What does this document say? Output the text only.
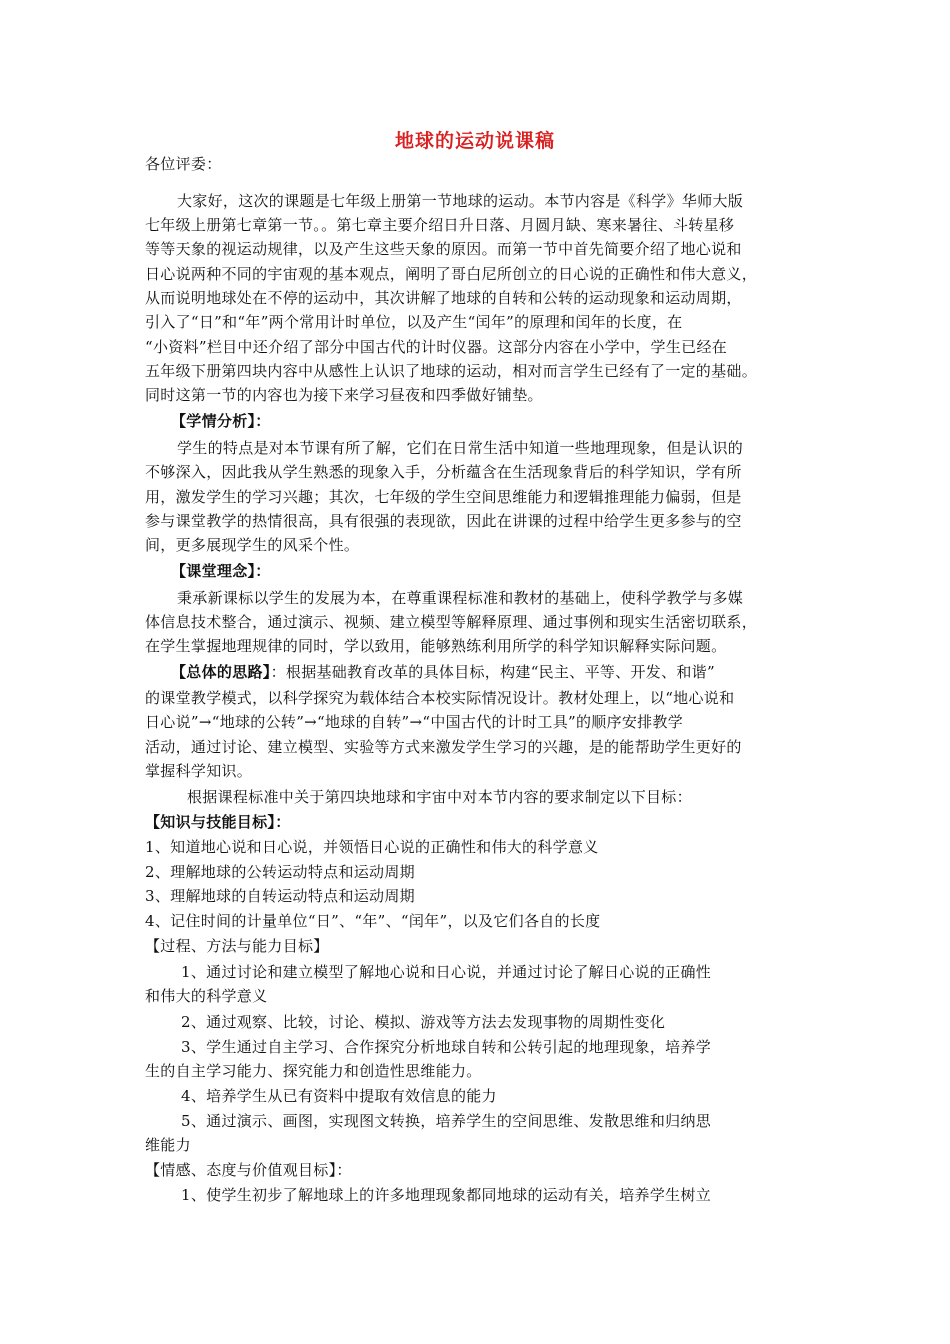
地球的运动说课稿
各位评委：
大家好，这次的课题是七年级上册第一节地球的运动。本节内容是《科学》华师大版
七年级上册第七章第一节。。第七章主要介绍日升日落、月圆月缺、寒来暑往、斗转星移
等等天象的视运动规律，以及产生这些天象的原因。而第一节中首先简要介绍了地心说和
日心说两种不同的宇宙观的基本观点，阐明了哥白尼所创立的日心说的正确性和伟大意义，
从而说明地球处在不停的运动中，其次讲解了地球的自转和公转的运动现象和运动周期，
引入了“日”和“年”两个常用计时单位，以及产生“闰年”的原理和闰年的长度，在
“小资料”栏目中还介绍了部分中国古代的计时仪器。这部分内容在小学中，学生已经在
五年级下册第四块内容中从感性上认识了地球的运动，相对而言学生已经有了一定的基础。
同时这第一节的内容也为接下来学习昼夜和四季做好铺垫。
【学情分析】：
学生的特点是对本节课有所了解，它们在日常生活中知道一些地理现象，但是认识的
不够深入，因此我从学生熟悉的现象入手，分析蕴含在生活现象背后的科学知识，学有所
用，激发学生的学习兴趣；其次，七年级的学生空间思维能力和逻辑推理能力偏弱，但是
参与课堂教学的热情很高，具有很强的表现欲，因此在讲课的过程中给学生更多参与的空
间，更多展现学生的风采个性。
【课堂理念】：
秉承新课标以学生的发展为本，在尊重课程标准和教材的基础上，使科学教学与多媒
体信息技术整合，通过演示、视频、建立模型等解释原理、通过事例和现实生活密切联系，
在学生掌握地理规律的同时，学以致用，能够熟练利用所学的科学知识解释实际问题。
【总体的思路】：根据基础教育改革的具体目标，构建“民主、平等、开发、和谐”
的课堂教学模式，以科学探究为载体结合本校实际情况设计。教材处理上，以“地心说和
日心说”→“地球的公转”→“地球的自转”→“中国古代的计时工具”的顺序安排教学
活动，通过讨论、建立模型、实验等方式来激发学生学习的兴趣，是的能帮助学生更好的
掌握科学知识。
根据课程标准中关于第四块地球和宇宙中对本节内容的要求制定以下目标：
【知识与技能目标】：
1、知道地心说和日心说，并领悟日心说的正确性和伟大的科学意义
2、理解地球的公转运动特点和运动周期
3、理解地球的自转运动特点和运动周期
4、记住时间的计量单位“日”、“年”、“闰年”，以及它们各自的长度
【过程、方法与能力目标】
1、通过讨论和建立模型了解地心说和日心说，并通过讨论了解日心说的正确性
和伟大的科学意义
2、通过观察、比较，讨论、模拟、游戏等方法去发现事物的周期性变化
3、学生通过自主学习、合作探究分析地球自转和公转引起的地理现象，培养学
生的自主学习能力、探究能力和创造性思维能力。
4、培养学生从已有资料中提取有效信息的能力
5、通过演示、画图，实现图文转换，培养学生的空间思维、发散思维和归纳思
维能力
【情感、态度与价值观目标】：
1、使学生初步了解地球上的许多地理现象都同地球的运动有关，培养学生树立
